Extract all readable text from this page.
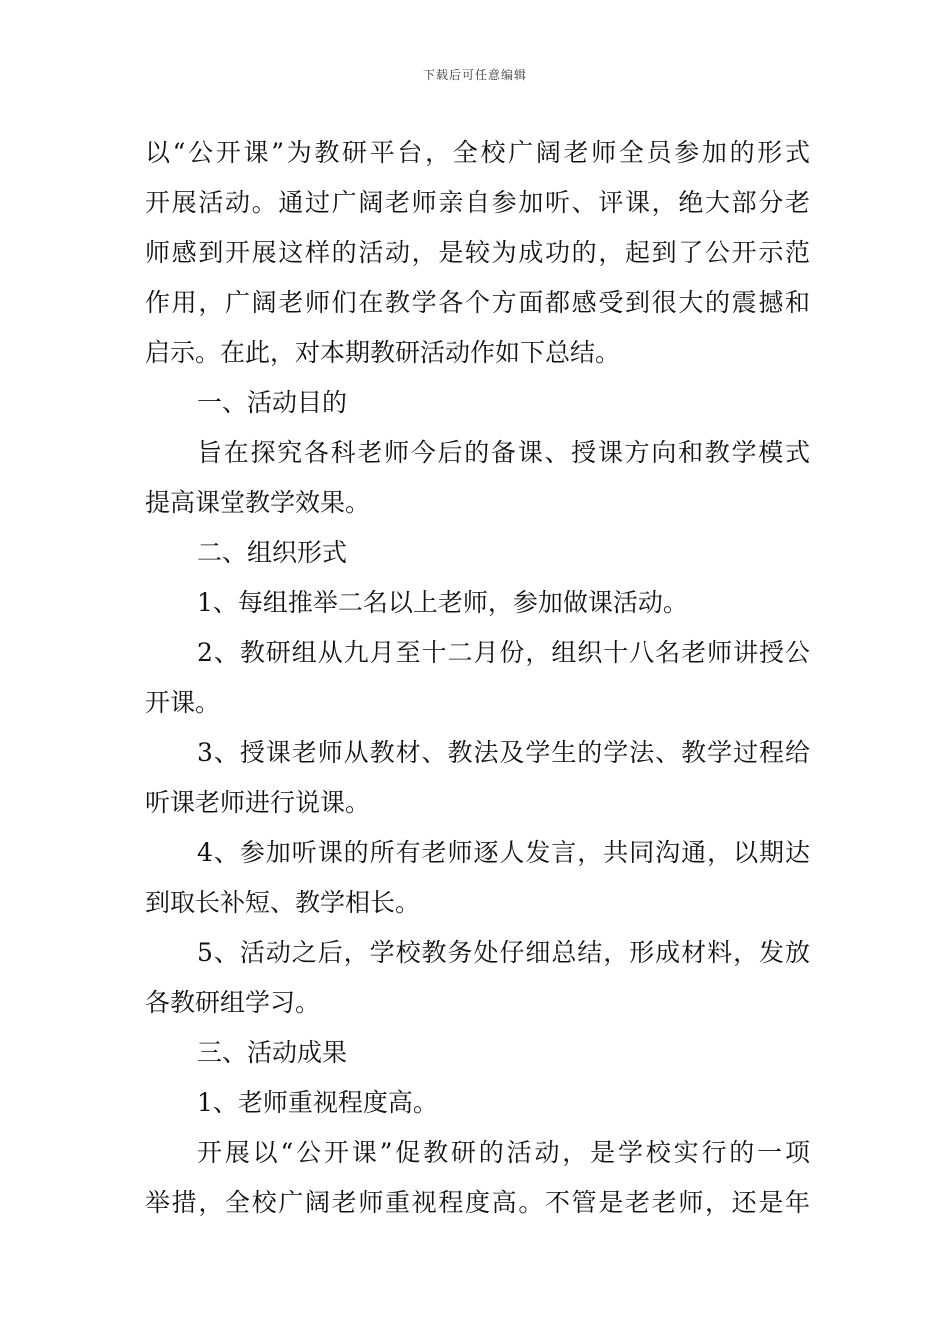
下载后可任意编辑
以“公开课”为教研平台，全校广阔老师全员参加的形式
开展活动。通过广阔老师亲自参加听、评课，绝大部分老
师感到开展这样的活动，是较为成功的，起到了公开示范
作用，广阔老师们在教学各个方面都感受到很大的震撼和
启示。在此，对本期教研活动作如下总结。
一、活动目的
旨在探究各科老师今后的备课、授课方向和教学模式
提高课堂教学效果。
二、组织形式
1、每组推举二名以上老师，参加做课活动。
2、教研组从九月至十二月份，组织十八名老师讲授公
开课。
3、授课老师从教材、教法及学生的学法、教学过程给
听课老师进行说课。
4、参加听课的所有老师逐人发言，共同沟通，以期达
到取长补短、教学相长。
5、活动之后，学校教务处仔细总结，形成材料，发放
各教研组学习。
三、活动成果
1、老师重视程度高。
开展以“公开课”促教研的活动，是学校实行的一项
举措，全校广阔老师重视程度高。不管是老老师，还是年
